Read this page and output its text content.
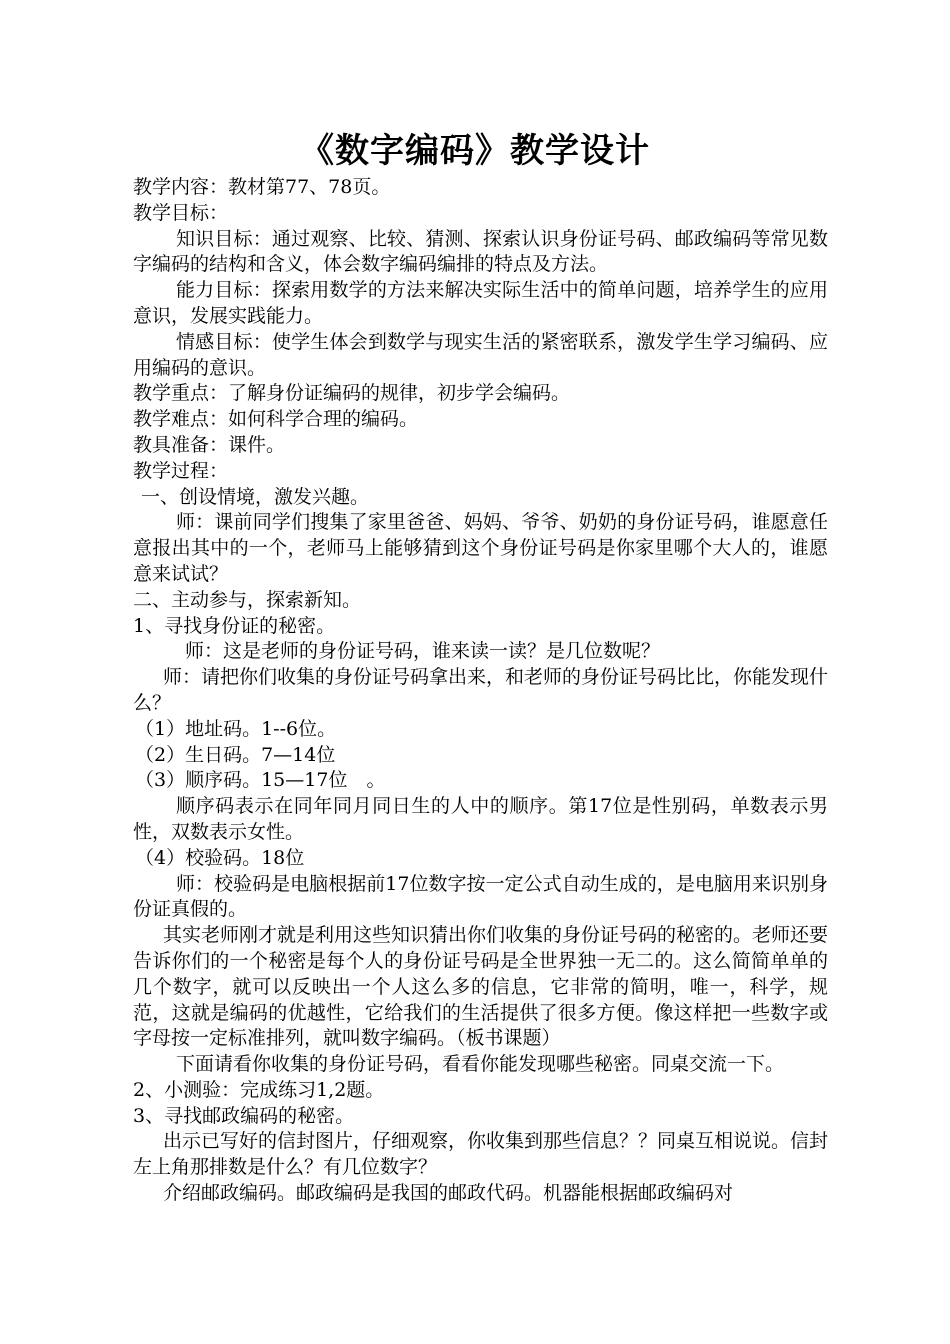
《数字编码》教学设计

教学内容：教材第77、78页。

教学目标：

知识目标：通过观察、比较、猜测、探索认识身份证号码、邮政编码等常见数字编码的结构和含义，体会数字编码编排的特点及方法。

能力目标：探索用数学的方法来解决实际生活中的简单问题，培养学生的应用意识，发展实践能力。

情感目标：使学生体会到数学与现实生活的紧密联系，激发学生学习编码、应用编码的意识。

教学重点：了解身份证编码的规律，初步学会编码。

教学难点：如何科学合理的编码。

教具准备：课件。

教学过程：

一、创设情境，激发兴趣。

师：课前同学们搜集了家里爸爸、妈妈、爷爷、奶奶的身份证号码，谁愿意任意报出其中的一个，老师马上能够猜到这个身份证号码是你家里哪个大人的，谁愿意来试试？

二、主动参与，探索新知。

1、寻找身份证的秘密。

师：这是老师的身份证号码，谁来读一读？是几位数呢？

师：请把你们收集的身份证号码拿出来，和老师的身份证号码比比，你能发现什么？

（1）地址码。1--6位。

（2）生日码。7—14位

（3）顺序码。15—17位　。

顺序码表示在同年同月同日生的人中的顺序。第17位是性别码，单数表示男性，双数表示女性。

（4）校验码。18位

师：校验码是电脑根据前17位数字按一定公式自动生成的，是电脑用来识别身份证真假的。

其实老师刚才就是利用这些知识猜出你们收集的身份证号码的秘密的。老师还要告诉你们的一个秘密是每个人的身份证号码是全世界独一无二的。这么简简单单的几个数字，就可以反映出一个人这么多的信息，它非常的简明，唯一，科学，规范，这就是编码的优越性，它给我们的生活提供了很多方便。像这样把一些数字或字母按一定标准排列，就叫数字编码。（板书课题）

下面请看你收集的身份证号码，看看你能发现哪些秘密。同桌交流一下。

2、小测验：完成练习1,2题。

3、寻找邮政编码的秘密。

出示已写好的信封图片，仔细观察，你收集到那些信息？？同桌互相说说。信封左上角那排数是什么？有几位数字？

介绍邮政编码。邮政编码是我国的邮政代码。机器能根据邮政编码对
